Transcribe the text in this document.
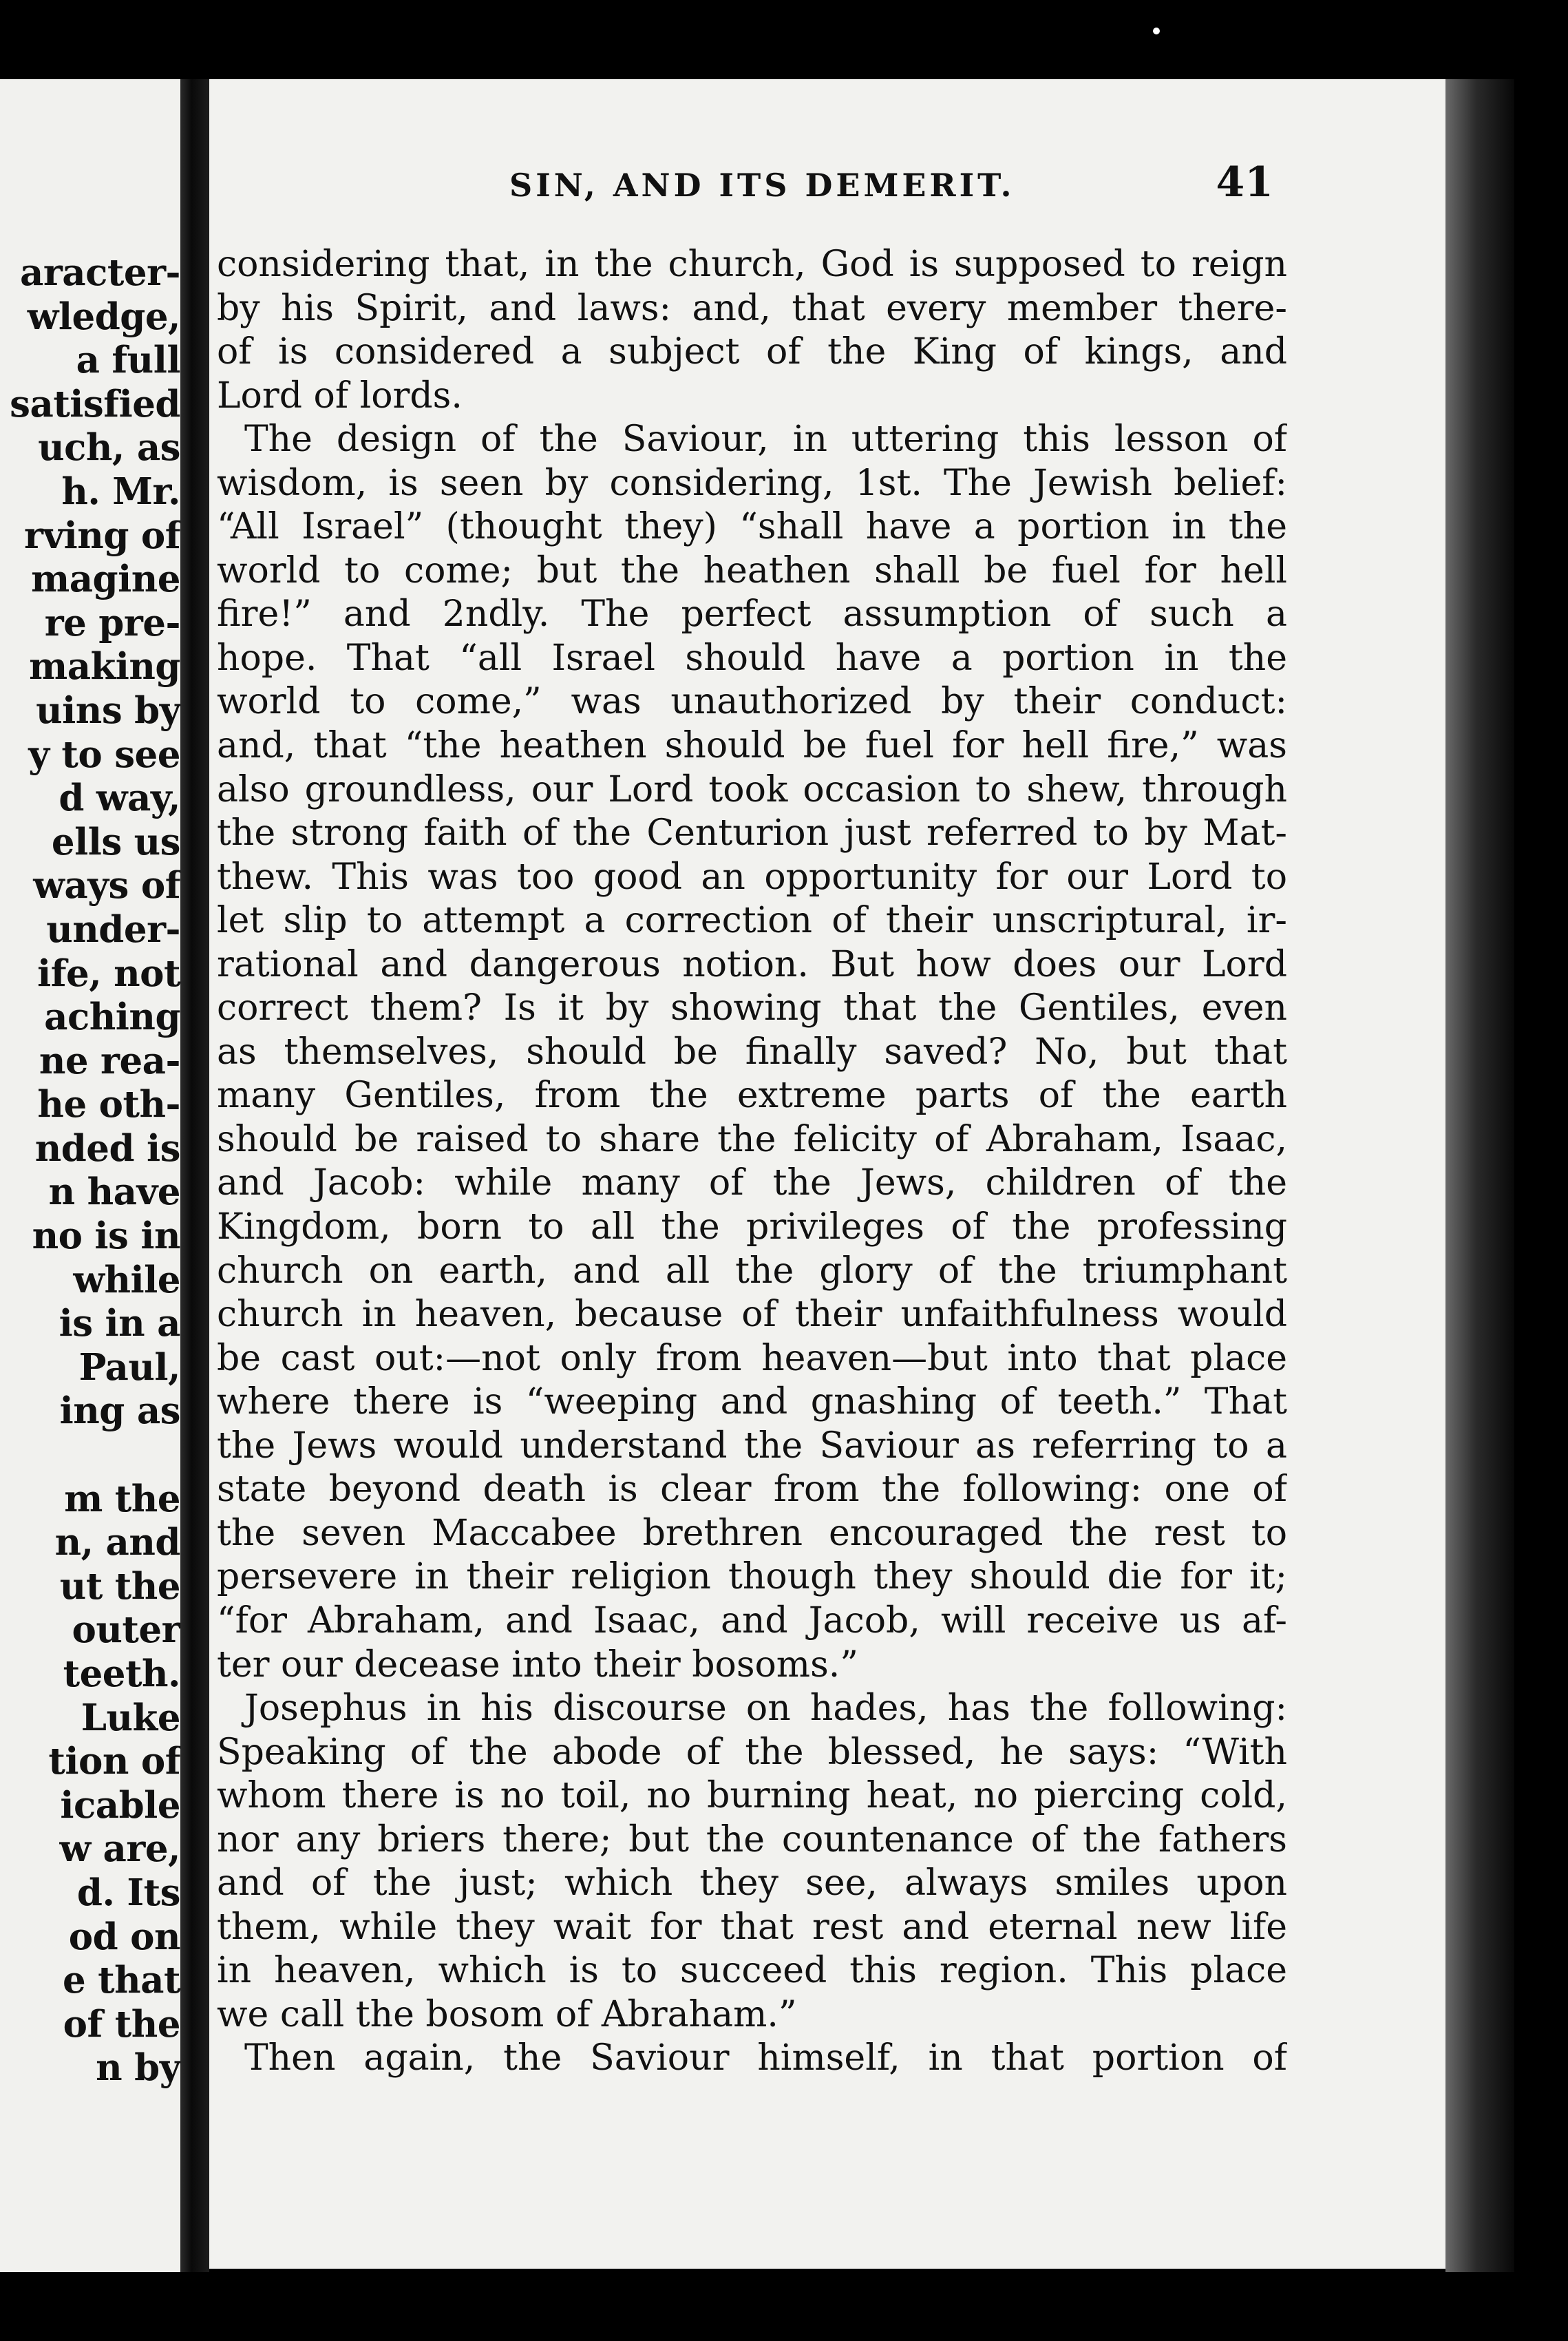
aracter-
wledge,
a full
satisfied
uch, as
h. Mr.
rving of
magine
re pre-
making
uins by
y to see
d way,
ells us
ways of
under-
ife, not
aching
ne rea-
he oth-
nded is
n have
no is in
while
is in a
Paul,
ing as
m the
n, and
ut the
outer
teeth.
Luke
tion of
icable
w are,
d. Its
od on
e that
of the
n by
SIN, AND ITS DEMERIT.	41
considering that, in the church, God is supposed to reign
by his Spirit, and laws: and, that every member there-
of is considered a subject of the King of kings, and
Lord of lords.
The design of the Saviour, in uttering this lesson of
wisdom, is seen by considering, 1st. The Jewish belief:
“All Israel” (thought they) “shall have a portion in the
world to come; but the heathen shall be fuel for hell
fire!” and 2ndly. The perfect assumption of such a
hope. That “all Israel should have a portion in the
world to come,” was unauthorized by their conduct:
and, that “the heathen should be fuel for hell fire,” was
also groundless, our Lord took occasion to shew, through
the strong faith of the Centurion just referred to by Mat-
thew. This was too good an opportunity for our Lord to
let slip to attempt a correction of their unscriptural, ir-
rational and dangerous notion. But how does our Lord
correct them? Is it by showing that the Gentiles, even
as themselves, should be finally saved? No, but that
many Gentiles, from the extreme parts of the earth
should be raised to share the felicity of Abraham, Isaac,
and Jacob: while many of the Jews, children of the
Kingdom, born to all the privileges of the professing
church on earth, and all the glory of the triumphant
church in heaven, because of their unfaithfulness would
be cast out:—not only from heaven—but into that place
where there is “weeping and gnashing of teeth.” That
the Jews would understand the Saviour as referring to a
state beyond death is clear from the following: one of
the seven Maccabee brethren encouraged the rest to
persevere in their religion though they should die for it;
“for Abraham, and Isaac, and Jacob, will receive us af-
ter our decease into their bosoms.”
Josephus in his discourse on hades, has the following:
Speaking of the abode of the blessed, he says: “With
whom there is no toil, no burning heat, no piercing cold,
nor any briers there; but the countenance of the fathers
and of the just; which they see, always smiles upon
them, while they wait for that rest and eternal new life
in heaven, which is to succeed this region. This place
we call the bosom of Abraham.”
Then again, the Saviour himself, in that portion of
